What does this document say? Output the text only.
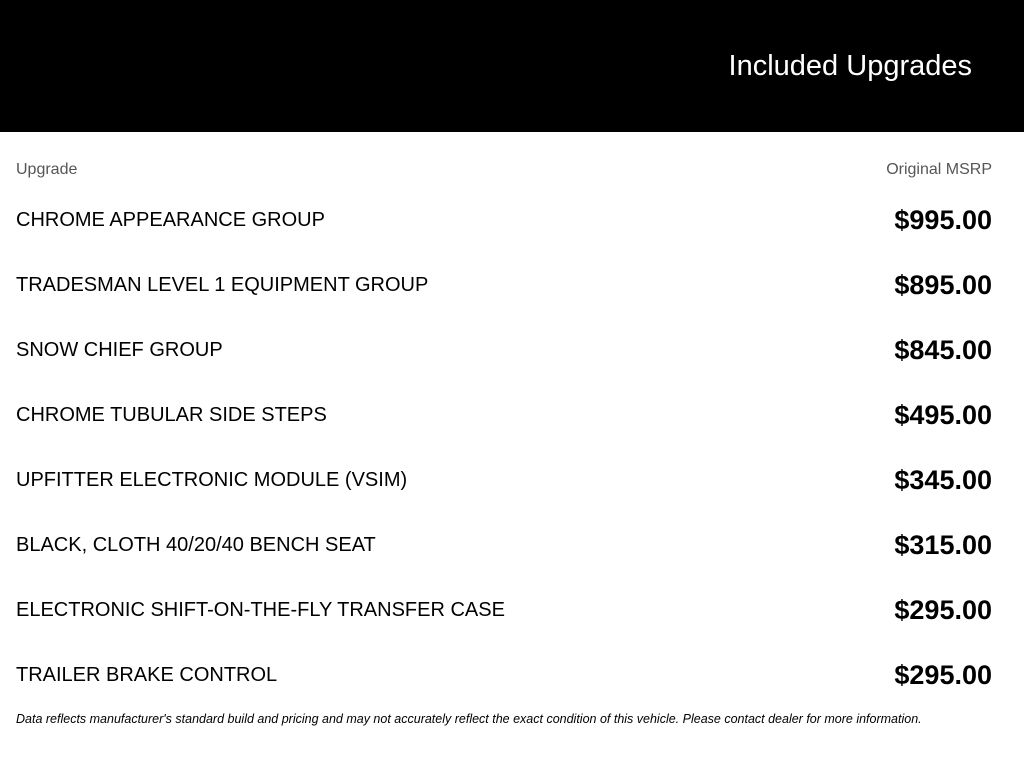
Included Upgrades
Upgrade	Original MSRP
CHROME APPEARANCE GROUP	$995.00
TRADESMAN LEVEL 1 EQUIPMENT GROUP	$895.00
SNOW CHIEF GROUP	$845.00
CHROME TUBULAR SIDE STEPS	$495.00
UPFITTER ELECTRONIC MODULE (VSIM)	$345.00
BLACK, CLOTH 40/20/40 BENCH SEAT	$315.00
ELECTRONIC SHIFT-ON-THE-FLY TRANSFER CASE	$295.00
TRAILER BRAKE CONTROL	$295.00

Data reflects manufacturer's standard build and pricing and may not accurately reflect the exact condition of this vehicle. Please contact dealer for more information.
